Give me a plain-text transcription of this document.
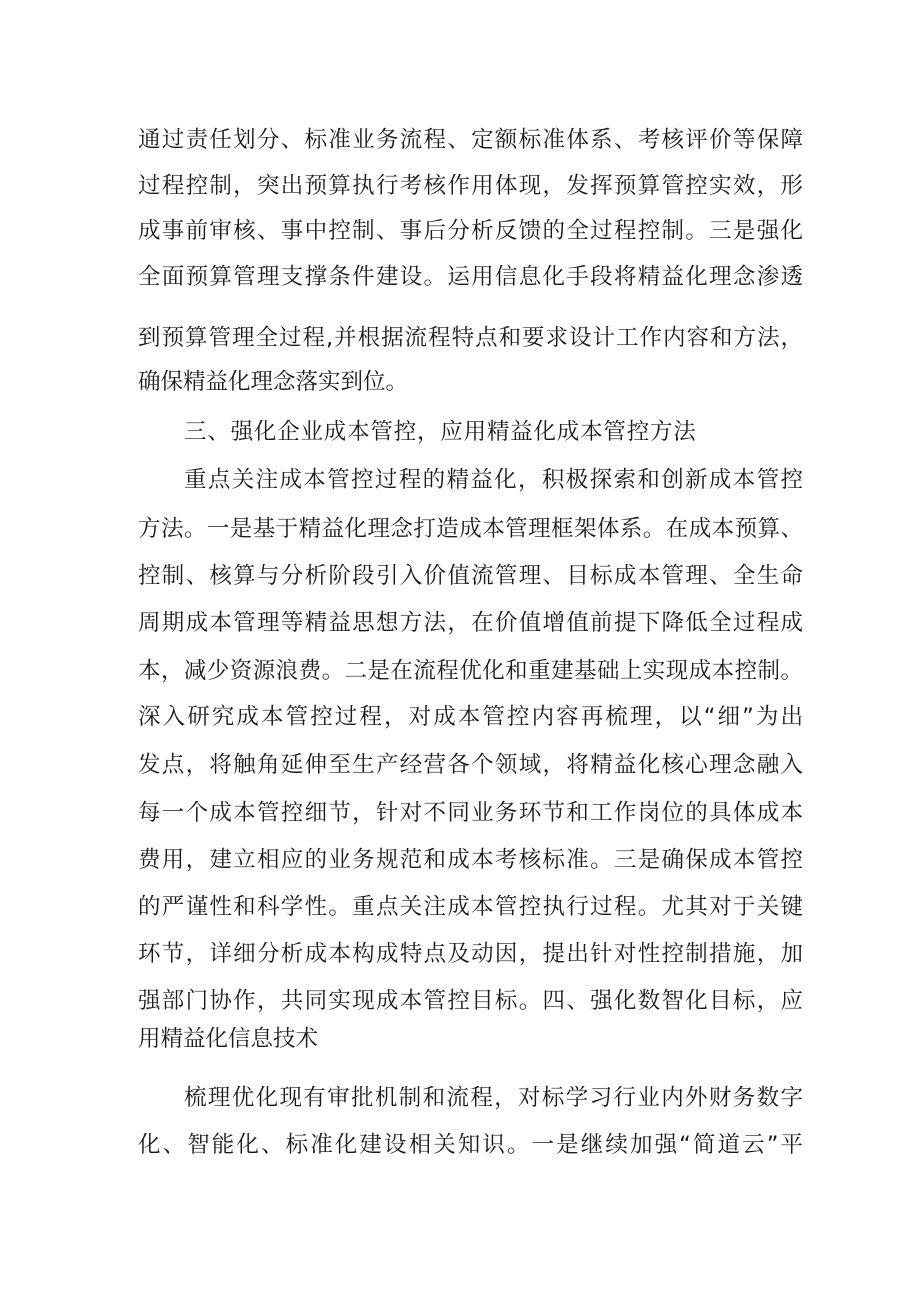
通过责任划分、标准业务流程、定额标准体系、考核评价等保障
过程控制，突出预算执行考核作用体现，发挥预算管控实效，形
成事前审核、事中控制、事后分析反馈的全过程控制。三是强化
全面预算管理支撑条件建设。运用信息化手段将精益化理念渗透
到预算管理全过程,并根据流程特点和要求设计工作内容和方法，
确保精益化理念落实到位。
三、强化企业成本管控，应用精益化成本管控方法
重点关注成本管控过程的精益化，积极探索和创新成本管控
方法。一是基于精益化理念打造成本管理框架体系。在成本预算、
控制、核算与分析阶段引入价值流管理、目标成本管理、全生命
周期成本管理等精益思想方法，在价值增值前提下降低全过程成
本，减少资源浪费。二是在流程优化和重建基础上实现成本控制。
深入研究成本管控过程，对成本管控内容再梳理，以“细”为出
发点，将触角延伸至生产经营各个领域，将精益化核心理念融入
每一个成本管控细节，针对不同业务环节和工作岗位的具体成本
费用，建立相应的业务规范和成本考核标准。三是确保成本管控
的严谨性和科学性。重点关注成本管控执行过程。尤其对于关键
环节，详细分析成本构成特点及动因，提出针对性控制措施，加
强部门协作，共同实现成本管控目标。四、强化数智化目标，应
用精益化信息技术
梳理优化现有审批机制和流程，对标学习行业内外财务数字
化、智能化、标准化建设相关知识。一是继续加强“简道云”平
